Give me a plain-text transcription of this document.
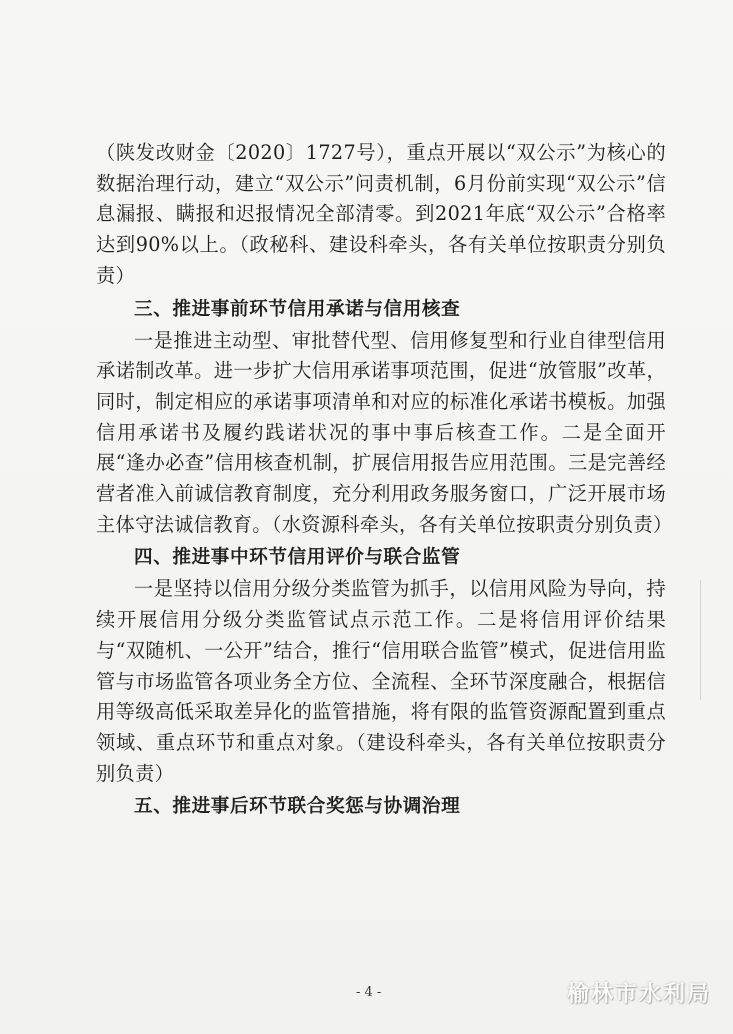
（陕发改财金〔2020〕1727号），重点开展以“双公示”为核心的数据治理行动，建立“双公示”问责机制，6月份前实现“双公示”信息漏报、瞒报和迟报情况全部清零。到2021年底“双公示”合格率达到90%以上。（政秘科、建设科牵头，各有关单位按职责分别负责）

三、推进事前环节信用承诺与信用核查

一是推进主动型、审批替代型、信用修复型和行业自律型信用承诺制改革。进一步扩大信用承诺事项范围，促进“放管服”改革，同时，制定相应的承诺事项清单和对应的标准化承诺书模板。加强信用承诺书及履约践诺状况的事中事后核查工作。二是全面开展“逢办必查”信用核查机制，扩展信用报告应用范围。三是完善经营者准入前诚信教育制度，充分利用政务服务窗口，广泛开展市场主体守法诚信教育。（水资源科牵头，各有关单位按职责分别负责）

四、推进事中环节信用评价与联合监管

一是坚持以信用分级分类监管为抓手，以信用风险为导向，持续开展信用分级分类监管试点示范工作。二是将信用评价结果与“双随机、一公开”结合，推行“信用联合监管”模式，促进信用监管与市场监管各项业务全方位、全流程、全环节深度融合，根据信用等级高低采取差异化的监管措施，将有限的监管资源配置到重点领域、重点环节和重点对象。（建设科牵头，各有关单位按职责分别负责）

五、推进事后环节联合奖惩与协调治理

- 4 -	榆林市水利局
